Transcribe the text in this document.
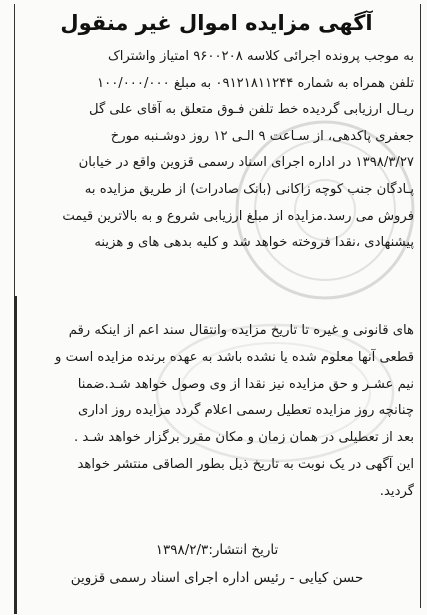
آگهی مزایده اموال غیر منقول
به موجب پرونده اجرائی کلاسه ۹۶۰۰۲۰۸ امتیاز واشتراک
تلفن همراه به شماره ۰۹۱۲۱۸۱۱۲۴۴ به مبلغ ۱۰۰/۰۰۰/۰۰۰
ریـال ارزیابی گردیده خط تلفن فـوق متعلق به آقای علی گل
جعفری پاکدهی، از سـاعت ۹ الـی ۱۲ روز دوشـنبه مورخ
۱۳۹۸/۳/۲۷ در اداره اجرای اسناد رسمی قزوین واقع در خیابان
پـادگان جنب کوچه زاکانی (بانک صادرات) از طریق مزایده به
فروش می رسد.مزایده از مبلغ ارزیابی شروع و به بالاترین قیمت
پیشنهادی ،نقدا فروخته خواهد شد و کلیه بدهی های و هزینه
های قانونی و غیره تا تاریخ مزایده وانتقال سند اعم از اینکه رقم
قطعی آنها معلوم شده یا نشده باشد به عهده برنده مزایده است و
نیم عشـر و حق مزایده نیز نقدا از وی وصول خواهد شـد.ضمنا
چنانچه روز مزایده تعطیل رسمی اعلام گردد مزایده روز اداری
بعد از تعطیلی در همان زمان و مکان مقرر برگزار خواهد شـد .
این آگهی در یک نوبت به تاریخ ذیل بطور الصاقی منتشر خواهد
گردید.
تاریخ انتشار:۱۳۹۸/۲/۳
حسن کیایی - رئیس اداره اجرای اسناد رسمی قزوین
